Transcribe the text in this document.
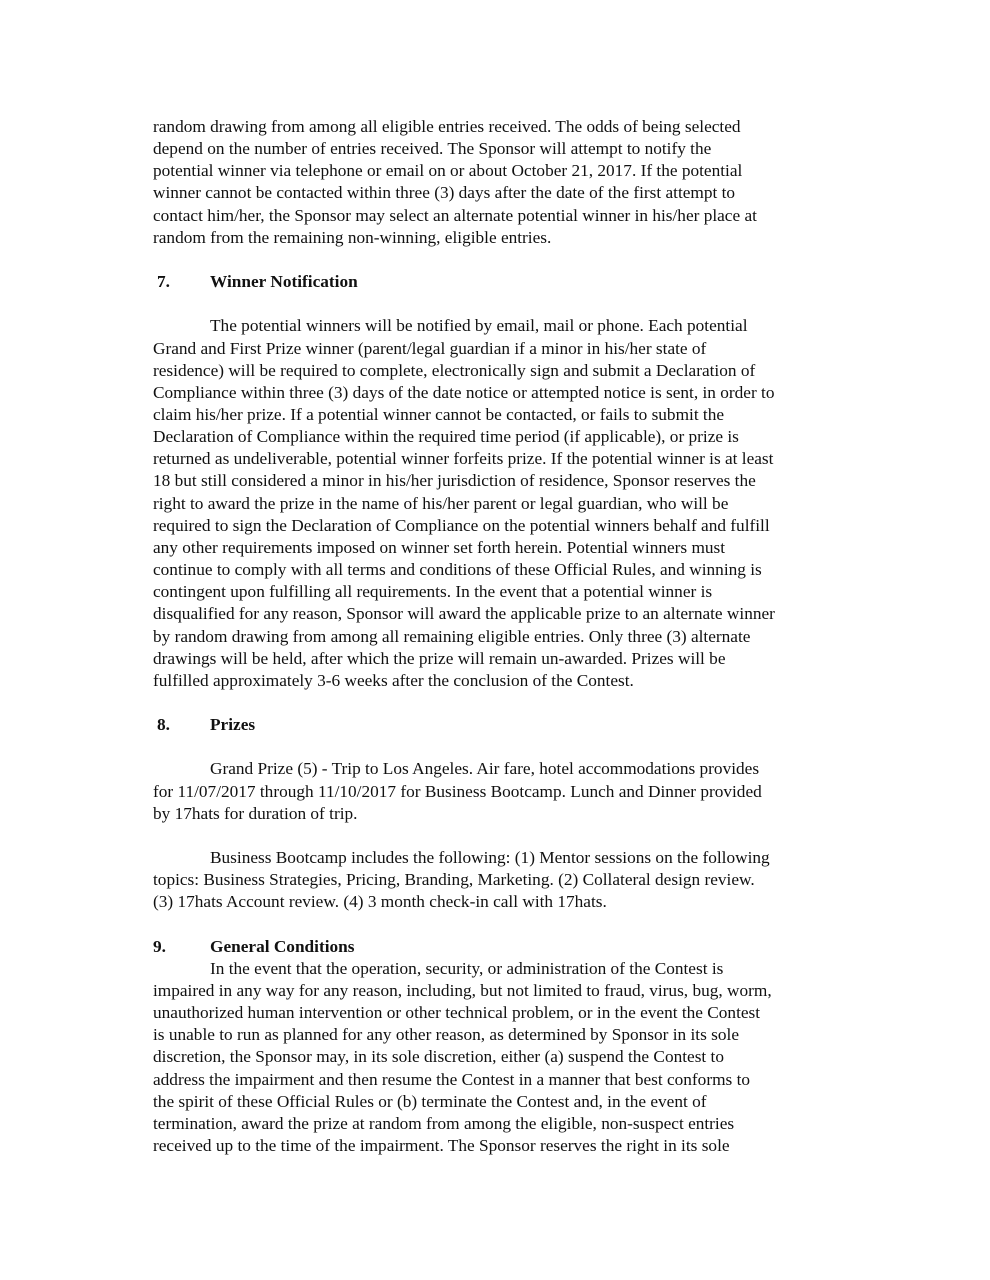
random drawing from among all eligible entries received. The odds of being selected
depend on the number of entries received. The Sponsor will attempt to notify the
potential winner via telephone or email on or about October 21, 2017. If the potential
winner cannot be contacted within three (3) days after the date of the first attempt to
contact him/her, the Sponsor may select an alternate potential winner in his/her place at
random from the remaining non-winning, eligible entries.
7. Winner Notification
The potential winners will be notified by email, mail or phone. Each potential
Grand and First Prize winner (parent/legal guardian if a minor in his/her state of
residence) will be required to complete, electronically sign and submit a Declaration of
Compliance within three (3) days of the date notice or attempted notice is sent, in order to
claim his/her prize. If a potential winner cannot be contacted, or fails to submit the
Declaration of Compliance within the required time period (if applicable), or prize is
returned as undeliverable, potential winner forfeits prize. If the potential winner is at least
18 but still considered a minor in his/her jurisdiction of residence, Sponsor reserves the
right to award the prize in the name of his/her parent or legal guardian, who will be
required to sign the Declaration of Compliance on the potential winners behalf and fulfill
any other requirements imposed on winner set forth herein. Potential winners must
continue to comply with all terms and conditions of these Official Rules, and winning is
contingent upon fulfilling all requirements. In the event that a potential winner is
disqualified for any reason, Sponsor will award the applicable prize to an alternate winner
by random drawing from among all remaining eligible entries. Only three (3) alternate
drawings will be held, after which the prize will remain un-awarded. Prizes will be
fulfilled approximately 3-6 weeks after the conclusion of the Contest.
8. Prizes
Grand Prize (5) - Trip to Los Angeles. Air fare, hotel accommodations provides
for 11/07/2017 through 11/10/2017 for Business Bootcamp. Lunch and Dinner provided
by 17hats for duration of trip.
Business Bootcamp includes the following: (1) Mentor sessions on the following
topics: Business Strategies, Pricing, Branding, Marketing. (2) Collateral design review.
(3) 17hats Account review. (4) 3 month check-in call with 17hats.
9.	General Conditions
In the event that the operation, security, or administration of the Contest is
impaired in any way for any reason, including, but not limited to fraud, virus, bug, worm,
unauthorized human intervention or other technical problem, or in the event the Contest
is unable to run as planned for any other reason, as determined by Sponsor in its sole
discretion, the Sponsor may, in its sole discretion, either (a) suspend the Contest to
address the impairment and then resume the Contest in a manner that best conforms to
the spirit of these Official Rules or (b) terminate the Contest and, in the event of
termination, award the prize at random from among the eligible, non-suspect entries
received up to the time of the impairment. The Sponsor reserves the right in its sole
